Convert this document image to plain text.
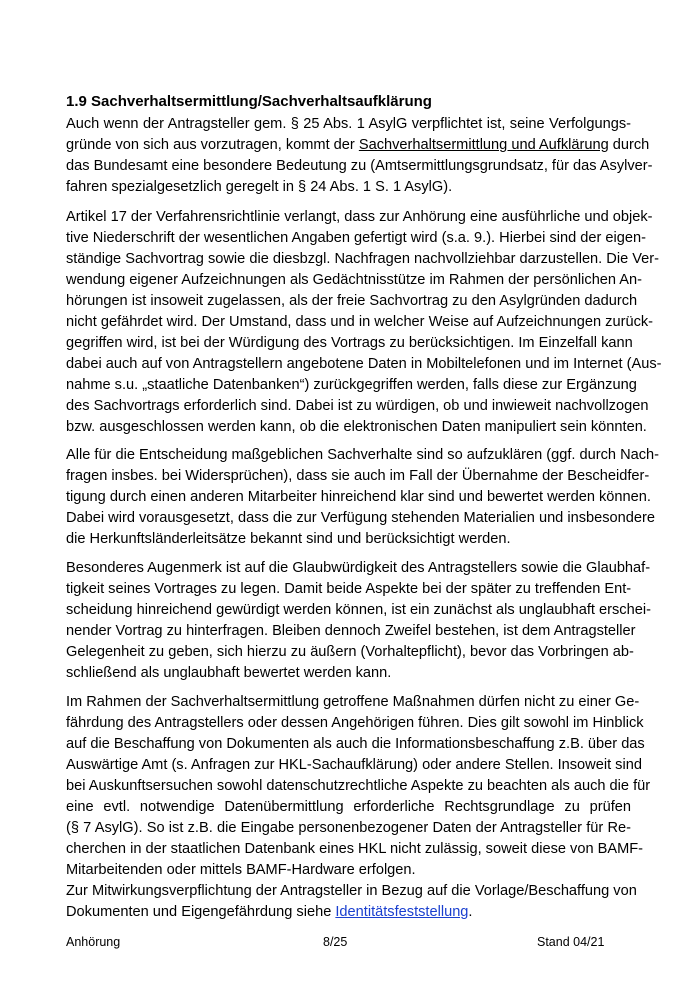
1.9 Sachverhaltsermittlung/Sachverhaltsaufklärung
Auch wenn der Antragsteller gem. § 25 Abs. 1 AsylG verpflichtet ist, seine Verfolgungs-
gründe von sich aus vorzutragen, kommt der Sachverhaltsermittlung und Aufklärung durch
das Bundesamt eine besondere Bedeutung zu (Amtsermittlungsgrundsatz, für das Asylver-
fahren spezialgesetzlich geregelt in § 24 Abs. 1 S. 1 AsylG).
Artikel 17 der Verfahrensrichtlinie verlangt, dass zur Anhörung eine ausführliche und objek-
tive Niederschrift der wesentlichen Angaben gefertigt wird (s.a. 9.). Hierbei sind der eigen-
ständige Sachvortrag sowie die diesbzgl. Nachfragen nachvollziehbar darzustellen. Die Ver-
wendung eigener Aufzeichnungen als Gedächtnisstütze im Rahmen der persönlichen An-
hörungen ist insoweit zugelassen, als der freie Sachvortrag zu den Asylgründen dadurch
nicht gefährdet wird. Der Umstand, dass und in welcher Weise auf Aufzeichnungen zurück-
gegriffen wird, ist bei der Würdigung des Vortrags zu berücksichtigen. Im Einzelfall kann
dabei auch auf von Antragstellern angebotene Daten in Mobiltelefonen und im Internet (Aus-
nahme s.u. „staatliche Datenbanken“) zurückgegriffen werden, falls diese zur Ergänzung
des Sachvortrags erforderlich sind. Dabei ist zu würdigen, ob und inwieweit nachvollzogen
bzw. ausgeschlossen werden kann, ob die elektronischen Daten manipuliert sein könnten.
Alle für die Entscheidung maßgeblichen Sachverhalte sind so aufzuklären (ggf. durch Nach-
fragen insbes. bei Widersprüchen), dass sie auch im Fall der Übernahme der Bescheidfer-
tigung durch einen anderen Mitarbeiter hinreichend klar sind und bewertet werden können.
Dabei wird vorausgesetzt, dass die zur Verfügung stehenden Materialien und insbesondere
die Herkunftsländerleitsätze bekannt sind und berücksichtigt werden.
Besonderes Augenmerk ist auf die Glaubwürdigkeit des Antragstellers sowie die Glaubhaf-
tigkeit seines Vortrages zu legen. Damit beide Aspekte bei der später zu treffenden Ent-
scheidung hinreichend gewürdigt werden können, ist ein zunächst als unglaubhaft erschei-
nender Vortrag zu hinterfragen. Bleiben dennoch Zweifel bestehen, ist dem Antragsteller
Gelegenheit zu geben, sich hierzu zu äußern (Vorhaltepflicht), bevor das Vorbringen ab-
schließend als unglaubhaft bewertet werden kann.
Im Rahmen der Sachverhaltsermittlung getroffene Maßnahmen dürfen nicht zu einer Ge-
fährdung des Antragstellers oder dessen Angehörigen führen. Dies gilt sowohl im Hinblick
auf die Beschaffung von Dokumenten als auch die Informationsbeschaffung z.B. über das
Auswärtige Amt (s. Anfragen zur HKL-Sachaufklärung) oder andere Stellen. Insoweit sind
bei Auskunftsersuchen sowohl datenschutzrechtliche Aspekte zu beachten als auch die für
eine evtl. notwendige Datenübermittlung erforderliche Rechtsgrundlage zu prüfen
(§ 7 AsylG). So ist z.B. die Eingabe personenbezogener Daten der Antragsteller für Re-
cherchen in der staatlichen Datenbank eines HKL nicht zulässig, soweit diese von BAMF-
Mitarbeitenden oder mittels BAMF-Hardware erfolgen.
Zur Mitwirkungsverpflichtung der Antragsteller in Bezug auf die Vorlage/Beschaffung von
Dokumenten und Eigengefährdung siehe Identitätsfeststellung.
Anhörung	8/25	Stand 04/21
